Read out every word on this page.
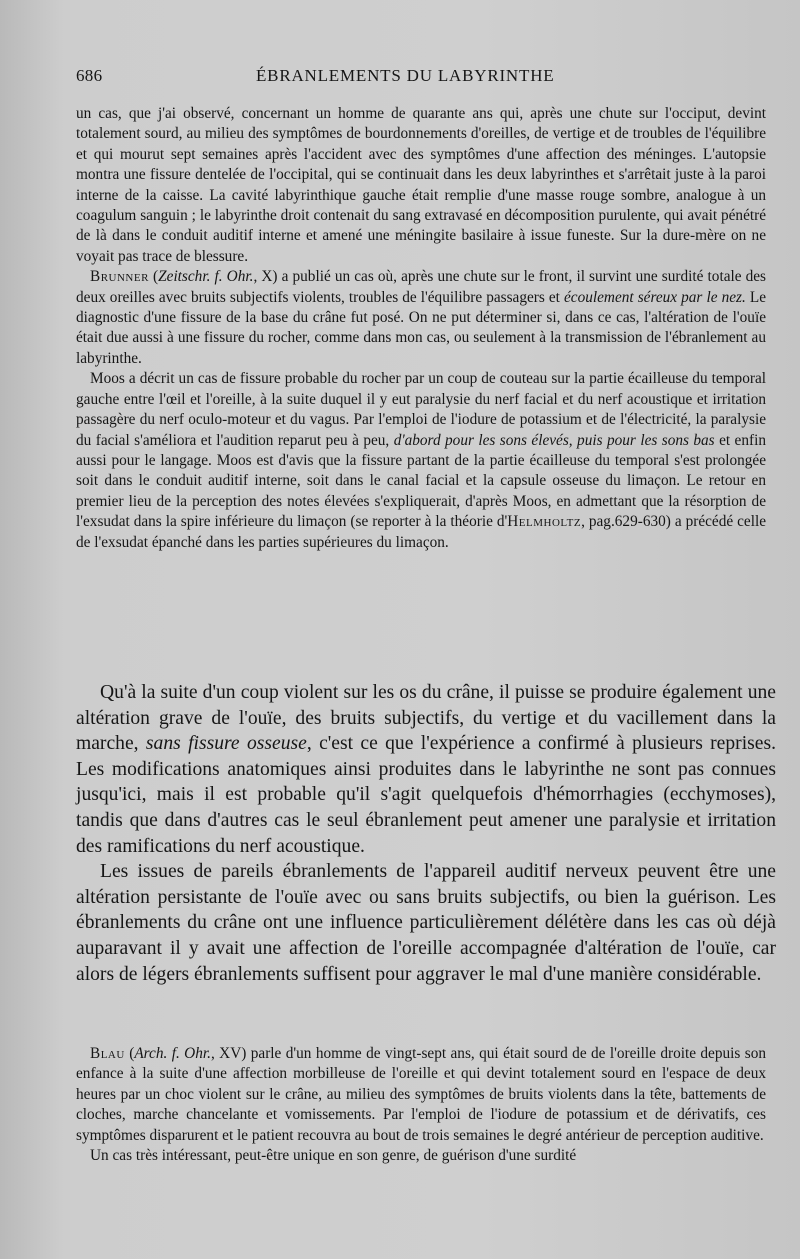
686	ÉBRANLEMENTS DU LABYRINTHE

un cas, que j'ai observé, concernant un homme de quarante ans qui, après une chute sur l'occiput, devint totalement sourd, au milieu des symptômes de bourdonnements d'oreilles, de vertige et de troubles de l'équilibre et qui mourut sept semaines après l'accident avec des symptômes d'une affection des méninges. L'autopsie montra une fissure dentelée de l'occipital, qui se continuait dans les deux labyrinthes et s'arrêtait juste à la paroi interne de la caisse. La cavité labyrinthique gauche était remplie d'une masse rouge sombre, analogue à un coagulum sanguin ; le labyrinthe droit contenait du sang extravasé en décomposition purulente, qui avait pénétré de là dans le conduit auditif interne et amené une méningite basilaire à issue funeste. Sur la dure-mère on ne voyait pas trace de blessure.

Brunner (Zeitschr. f. Ohr., X) a publié un cas où, après une chute sur le front, il survint une surdité totale des deux oreilles avec bruits subjectifs violents, troubles de l'équilibre passagers et écoulement séreux par le nez. Le diagnostic d'une fissure de la base du crâne fut posé. On ne put déterminer si, dans ce cas, l'altération de l'ouïe était due aussi à une fissure du rocher, comme dans mon cas, ou seulement à la transmission de l'ébranlement au labyrinthe.

Moos a décrit un cas de fissure probable du rocher par un coup de couteau sur la partie écailleuse du temporal gauche entre l'œil et l'oreille, à la suite duquel il y eut paralysie du nerf facial et du nerf acoustique et irritation passagère du nerf oculo-moteur et du vagus. Par l'emploi de l'iodure de potassium et de l'électricité, la paralysie du facial s'améliora et l'audition reparut peu à peu, d'abord pour les sons élevés, puis pour les sons bas et enfin aussi pour le langage. Moos est d'avis que la fissure partant de la partie écailleuse du temporal s'est prolongée soit dans le conduit auditif interne, soit dans le canal facial et la capsule osseuse du limaçon. Le retour en premier lieu de la perception des notes élevées s'expliquerait, d'après Moos, en admettant que la résorption de l'exsudat dans la spire inférieure du limaçon (se reporter à la théorie d'Helmholtz, pag.629-630) a précédé celle de l'exsudat épanché dans les parties supérieures du limaçon.

Qu'à la suite d'un coup violent sur les os du crâne, il puisse se produire également une altération grave de l'ouïe, des bruits subjectifs, du vertige et du vacillement dans la marche, sans fissure osseuse, c'est ce que l'expérience a confirmé à plusieurs reprises. Les modifications anatomiques ainsi produites dans le labyrinthe ne sont pas connues jusqu'ici, mais il est probable qu'il s'agit quelquefois d'hémorrhagies (ecchymoses), tandis que dans d'autres cas le seul ébranlement peut amener une paralysie et irritation des ramifications du nerf acoustique.

Les issues de pareils ébranlements de l'appareil auditif nerveux peuvent être une altération persistante de l'ouïe avec ou sans bruits subjectifs, ou bien la guérison. Les ébranlements du crâne ont une influence particulièrement délétère dans les cas où déjà auparavant il y avait une affection de l'oreille accompagnée d'altération de l'ouïe, car alors de légers ébranlements suffisent pour aggraver le mal d'une manière considérable.

Blau (Arch. f. Ohr., XV) parle d'un homme de vingt-sept ans, qui était sourd de de l'oreille droite depuis son enfance à la suite d'une affection morbilleuse de l'oreille et qui devint totalement sourd en l'espace de deux heures par un choc violent sur le crâne, au milieu des symptômes de bruits violents dans la tête, battements de cloches, marche chancelante et vomissements. Par l'emploi de l'iodure de potassium et de dérivatifs, ces symptômes disparurent et le patient recouvra au bout de trois semaines le degré antérieur de perception auditive.

Un cas très intéressant, peut-être unique en son genre, de guérison d'une surdité
